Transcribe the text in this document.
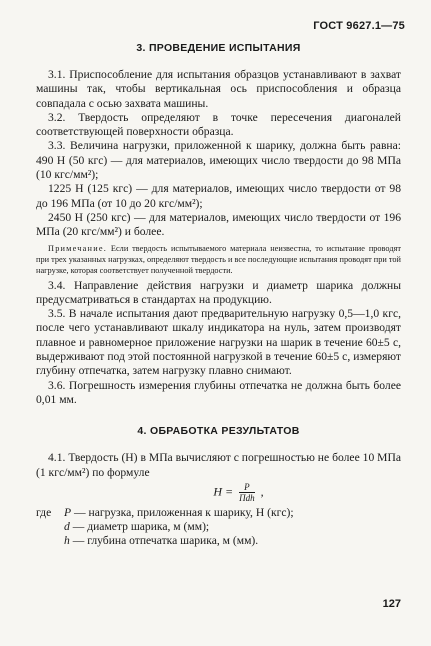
ГОСТ 9627.1—75
3. ПРОВЕДЕНИЕ ИСПЫТАНИЯ

3.1. Приспособление для испытания образцов устанавливают в захват машины так, чтобы вертикальная ось приспособления и образца совпадала с осью захвата машины.

3.2. Твердость определяют в точке пересечения диагоналей соответствующей поверхности образца.

3.3. Величина нагрузки, приложенной к шарику, должна быть равна: 490 Н (50 кгс) — для материалов, имеющих число твердости до 98 МПа (10 кгс/мм²);

1225 Н (125 кгс) — для материалов, имеющих число твердости от 98 до 196 МПа (от 10 до 20 кгс/мм²);

2450 Н (250 кгс) — для материалов, имеющих число твердости от 196 МПа (20 кгс/мм²) и более.

Примечание. Если твердость испытываемого материала неизвестна, то испытание проводят при трех указанных нагрузках, определяют твердость и все последующие испытания проводят при той нагрузке, которая соответствует полученной твердости.

3.4. Направление действия нагрузки и диаметр шарика должны предусматриваться в стандартах на продукцию.

3.5. В начале испытания дают предварительную нагрузку 0,5—1,0 кгс, после чего устанавливают шкалу индикатора на нуль, затем производят плавное и равномерное приложение нагрузки на шарик в течение 60±5 с, выдерживают под этой постоянной нагрузкой в течение 60±5 с, измеряют глубину отпечатка, затем нагрузку плавно снимают.

3.6. Погрешность измерения глубины отпечатка не должна быть более 0,01 мм.

4. ОБРАБОТКА РЕЗУЛЬТАТОВ

4.1. Твердость (H) в МПа вычисляют с погрешностью не более 10 МПа (1 кгс/мм²) по формуле

$H = \frac{P}{\text{Πdh}}$ ,
где	P — нагрузка, приложенная к шарику, Н (кгс);
d — диаметр шарика, м (мм);
h — глубина отпечатка шарика, м (мм).
127
